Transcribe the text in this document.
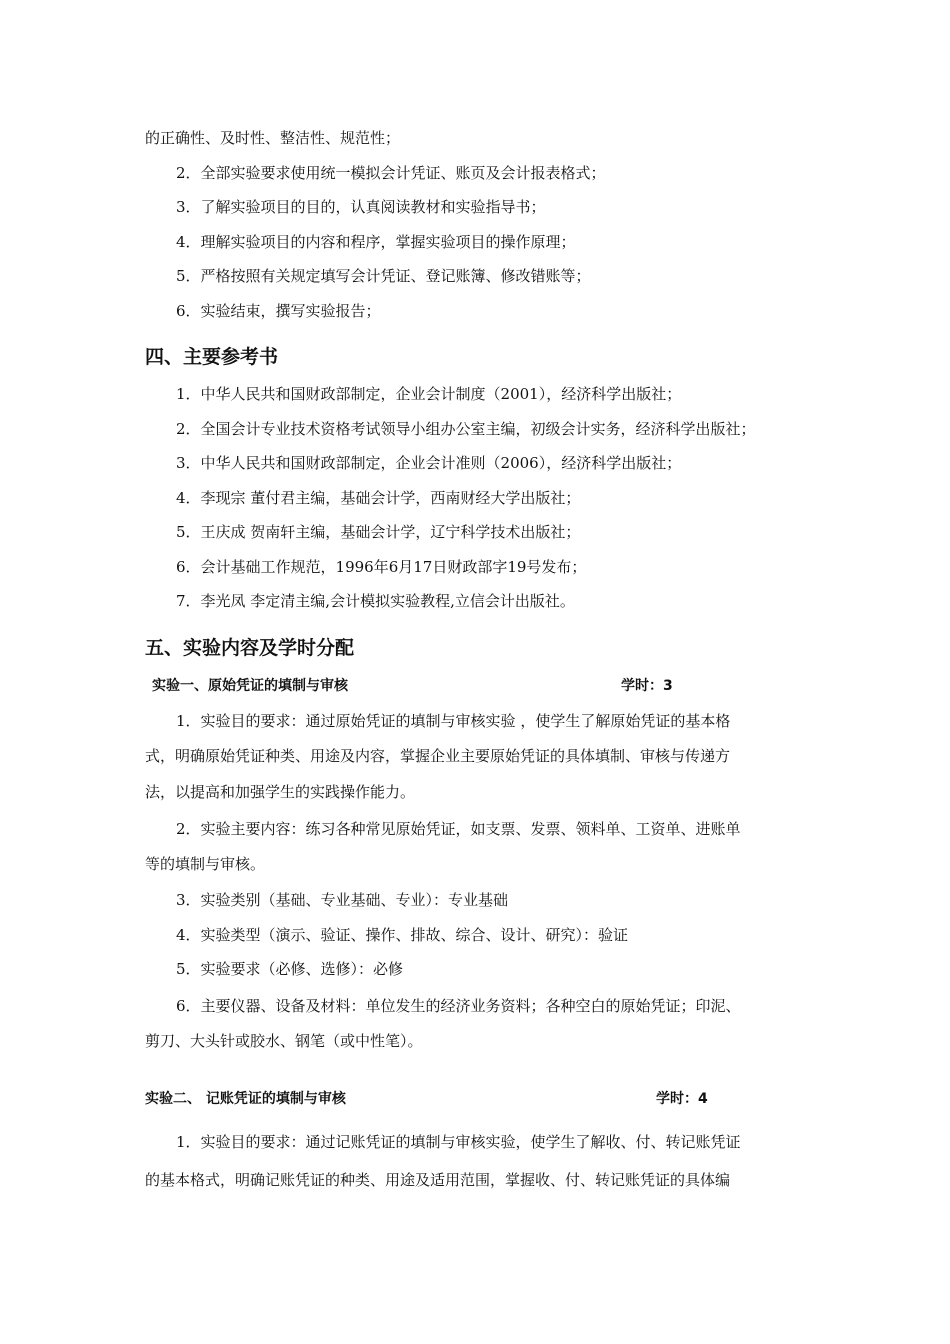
的正确性、及时性、整洁性、规范性；
2．全部实验要求使用统一模拟会计凭证、账页及会计报表格式；
3．了解实验项目的目的，认真阅读教材和实验指导书；
4．理解实验项目的内容和程序，掌握实验项目的操作原理；
5．严格按照有关规定填写会计凭证、登记账簿、修改错账等；
6．实验结束，撰写实验报告；
四、主要参考书
1．中华人民共和国财政部制定，企业会计制度（2001），经济科学出版社；
2．全国会计专业技术资格考试领导小组办公室主编，初级会计实务，经济科学出版社；
3．中华人民共和国财政部制定，企业会计准则（2006），经济科学出版社；
4．李现宗 董付君主编，基础会计学，西南财经大学出版社；
5．王庆成 贺南轩主编，基础会计学，辽宁科学技术出版社；
6．会计基础工作规范，1996年6月17日财政部字19号发布；
7．李光凤 李定清主编,会计模拟实验教程,立信会计出版社。
五、实验内容及学时分配
实验一、原始凭证的填制与审核	学时：3
1．实验目的要求：通过原始凭证的填制与审核实验 ，使学生了解原始凭证的基本格
式，明确原始凭证种类、用途及内容，掌握企业主要原始凭证的具体填制、审核与传递方
法，以提高和加强学生的实践操作能力。
2．实验主要内容：练习各种常见原始凭证，如支票、发票、领料单、工资单、进账单
等的填制与审核。
3．实验类别（基础、专业基础、专业）：专业基础
4．实验类型（演示、验证、操作、排故、综合、设计、研究）：验证
5．实验要求（必修、选修）：必修
6．主要仪器、设备及材料：单位发生的经济业务资料；各种空白的原始凭证；印泥、
剪刀、大头针或胶水、钢笔（或中性笔）。
实验二、 记账凭证的填制与审核	学时：4
1．实验目的要求：通过记账凭证的填制与审核实验，使学生了解收、付、转记账凭证
的基本格式，明确记账凭证的种类、用途及适用范围，掌握收、付、转记账凭证的具体编
